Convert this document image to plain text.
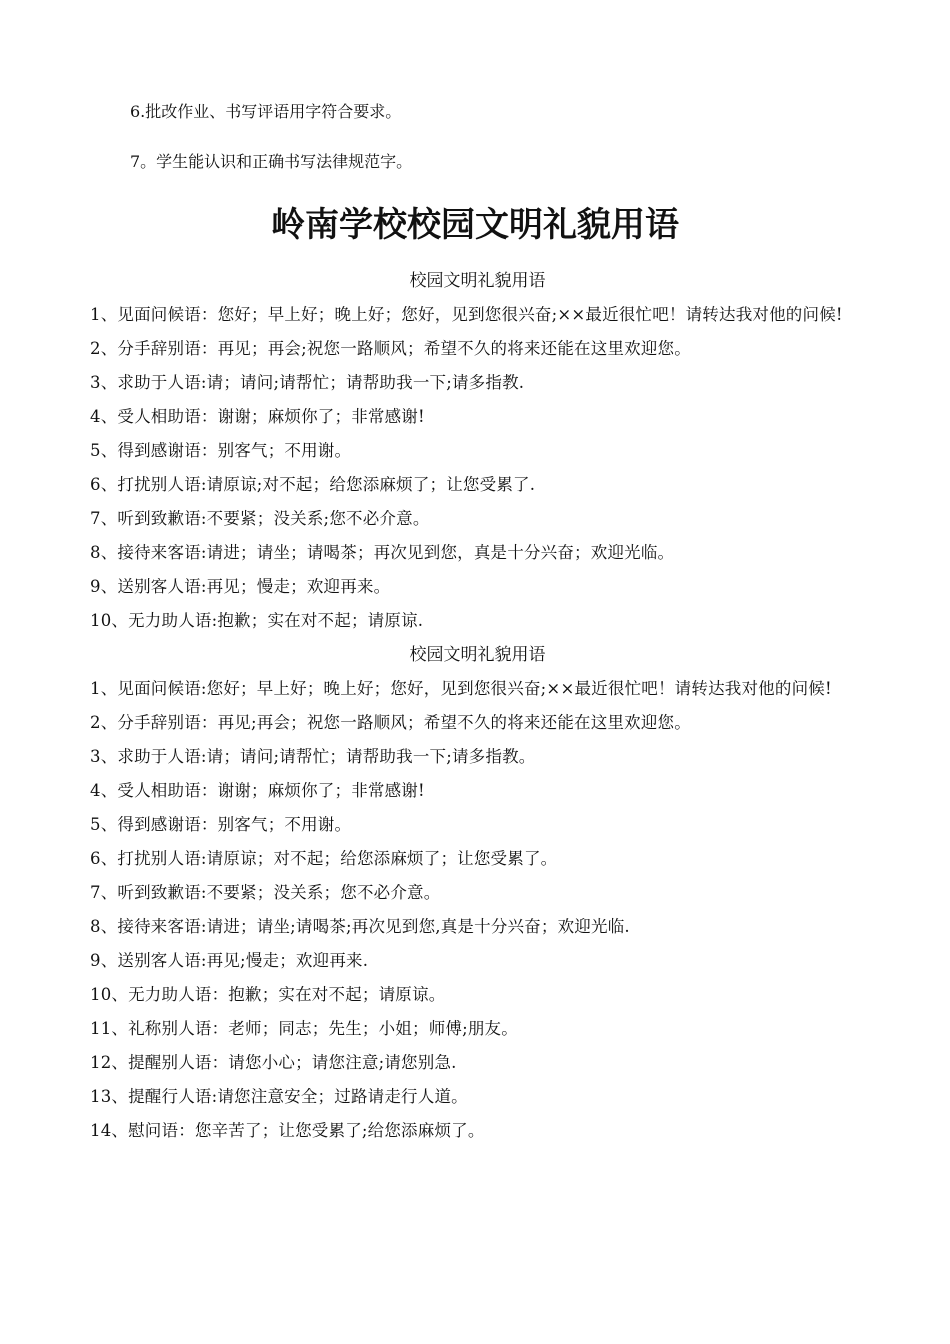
6.批改作业、书写评语用字符合要求。

7。学生能认识和正确书写法律规范字。

岭南学校校园文明礼貌用语

校园文明礼貌用语

1、见面问候语：您好；早上好；晚上好；您好，见到您很兴奋;××最近很忙吧！请转达我对他的问候!

2、分手辞别语：再见；再会;祝您一路顺风；希望不久的将来还能在这里欢迎您。

3、求助于人语:请；请问;请帮忙；请帮助我一下;请多指教.

4、受人相助语：谢谢；麻烦你了；非常感谢!

5、得到感谢语：别客气；不用谢。

6、打扰别人语:请原谅;对不起；给您添麻烦了；让您受累了.

7、听到致歉语:不要紧；没关系;您不必介意。

8、接待来客语:请进；请坐；请喝茶；再次见到您，真是十分兴奋；欢迎光临。

9、送别客人语:再见；慢走；欢迎再来。

10、无力助人语:抱歉；实在对不起；请原谅.

校园文明礼貌用语

1、见面问候语:您好；早上好；晚上好；您好，见到您很兴奋;××最近很忙吧！请转达我对他的问候!

2、分手辞别语：再见;再会；祝您一路顺风；希望不久的将来还能在这里欢迎您。

3、求助于人语:请；请问;请帮忙；请帮助我一下;请多指教。

4、受人相助语：谢谢；麻烦你了；非常感谢!

5、得到感谢语：别客气；不用谢。

6、打扰别人语:请原谅；对不起；给您添麻烦了；让您受累了。

7、听到致歉语:不要紧；没关系；您不必介意。

8、接待来客语:请进；请坐;请喝茶;再次见到您,真是十分兴奋；欢迎光临.

9、送别客人语:再见;慢走；欢迎再来.

10、无力助人语：抱歉；实在对不起；请原谅。

11、礼称别人语：老师；同志；先生；小姐；师傅;朋友。

12、提醒别人语：请您小心；请您注意;请您别急.

13、提醒行人语:请您注意安全；过路请走行人道。

14、慰问语：您辛苦了；让您受累了;给您添麻烦了。
